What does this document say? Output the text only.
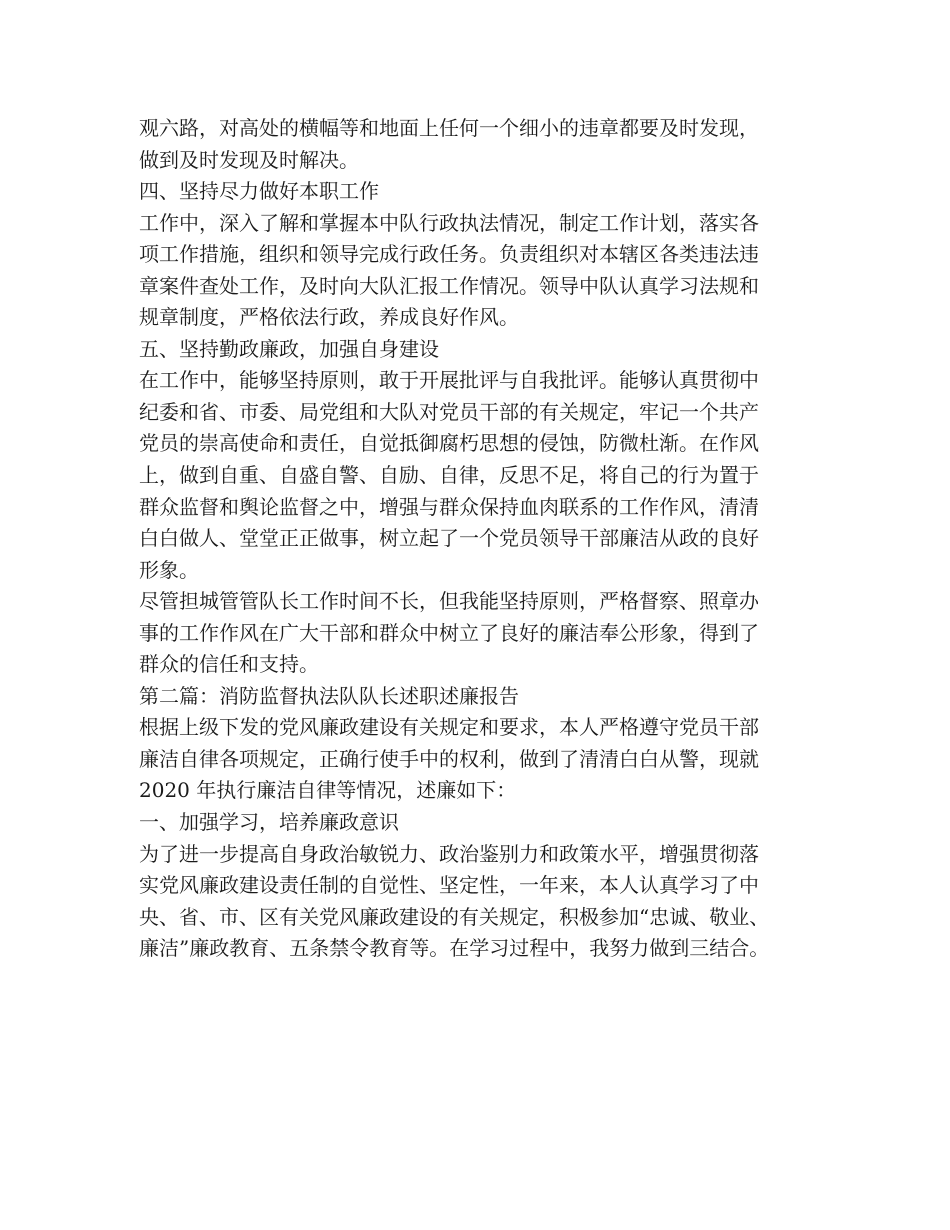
观六路，对高处的横幅等和地面上任何一个细小的违章都要及时发现，
做到及时发现及时解决。
四、坚持尽力做好本职工作
工作中，深入了解和掌握本中队行政执法情况，制定工作计划，落实各
项工作措施，组织和领导完成行政任务。负责组织对本辖区各类违法违
章案件查处工作，及时向大队汇报工作情况。领导中队认真学习法规和
规章制度，严格依法行政，养成良好作风。
五、坚持勤政廉政，加强自身建设
在工作中，能够坚持原则，敢于开展批评与自我批评。能够认真贯彻中
纪委和省、市委、局党组和大队对党员干部的有关规定，牢记一个共产
党员的崇高使命和责任，自觉抵御腐朽思想的侵蚀，防微杜渐。在作风
上，做到自重、自盛自警、自励、自律，反思不足，将自己的行为置于
群众监督和舆论监督之中，增强与群众保持血肉联系的工作作风，清清
白白做人、堂堂正正做事，树立起了一个党员领导干部廉洁从政的良好
形象。
尽管担城管管队长工作时间不长，但我能坚持原则，严格督察、照章办
事的工作作风在广大干部和群众中树立了良好的廉洁奉公形象，得到了
群众的信任和支持。
第二篇：消防监督执法队队长述职述廉报告
根据上级下发的党风廉政建设有关规定和要求，本人严格遵守党员干部
廉洁自律各项规定，正确行使手中的权利，做到了清清白白从警，现就
2020 年执行廉洁自律等情况，述廉如下：
一、加强学习，培养廉政意识
为了进一步提高自身政治敏锐力、政治鉴别力和政策水平，增强贯彻落
实党风廉政建设责任制的自觉性、坚定性，一年来，本人认真学习了中
央、省、市、区有关党风廉政建设的有关规定，积极参加“忠诚、敬业、
廉洁”廉政教育、五条禁令教育等。在学习过程中，我努力做到三结合。
